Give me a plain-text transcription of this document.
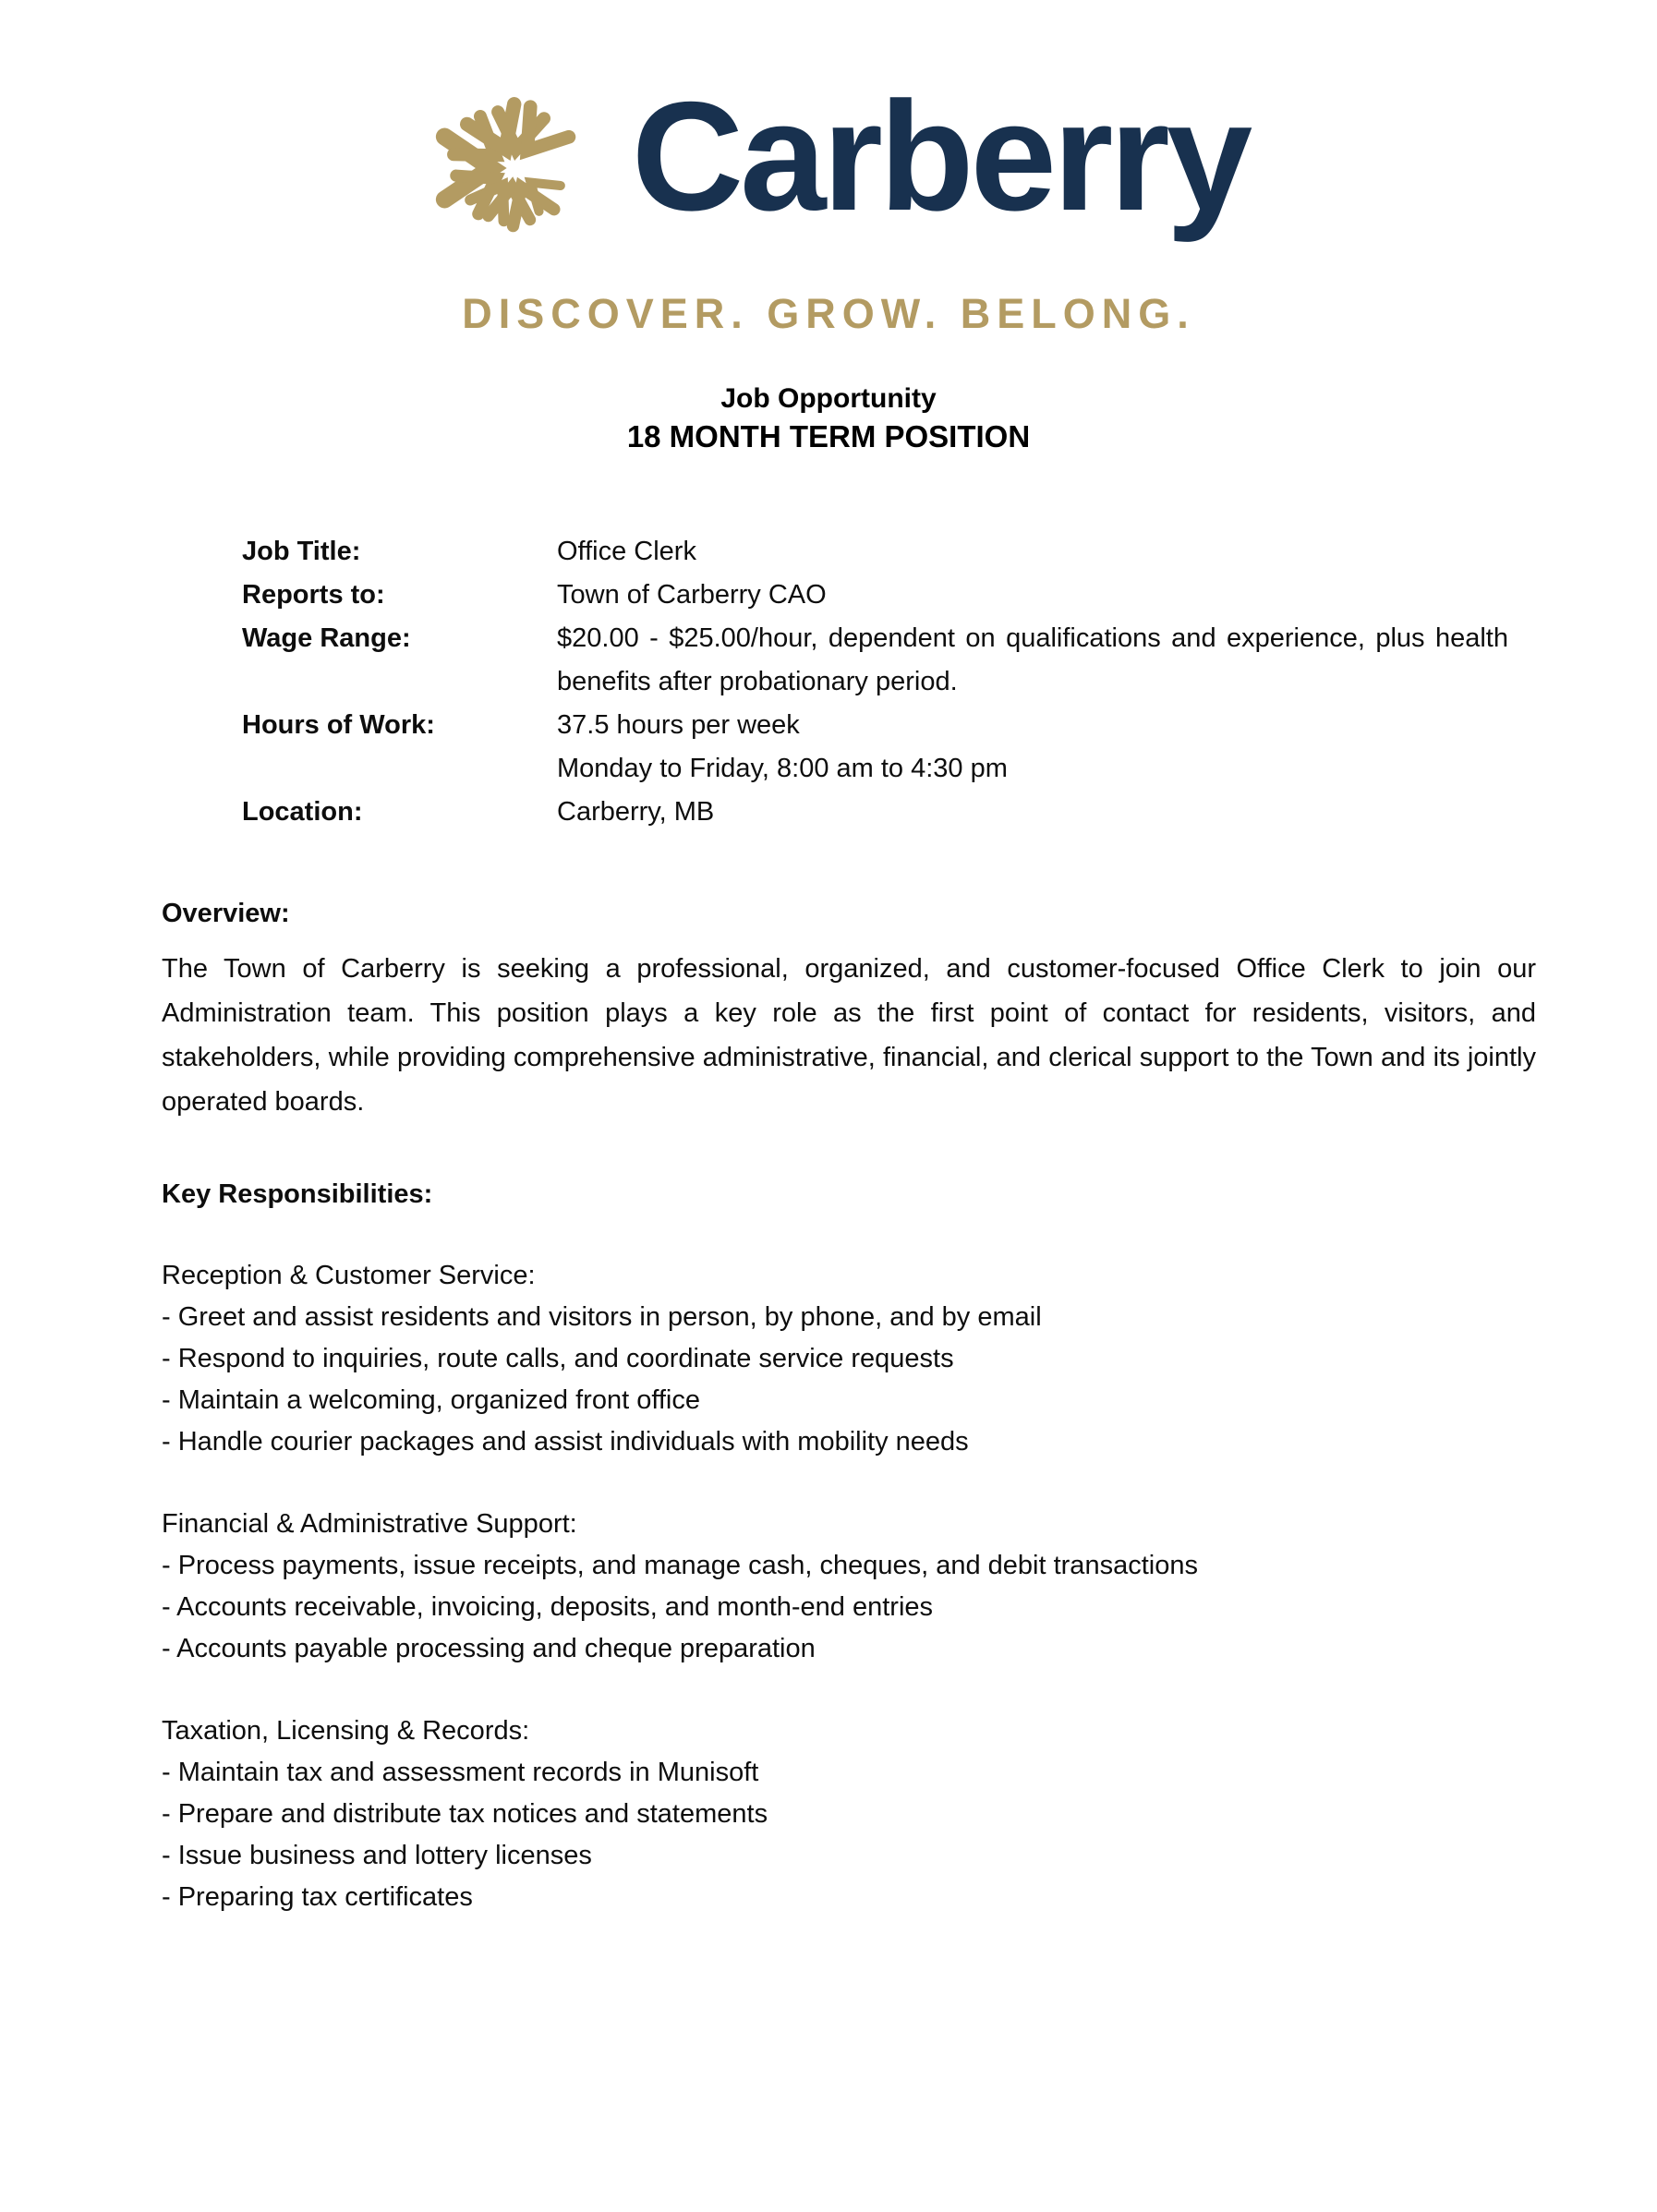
Carberry
DISCOVER. GROW. BELONG.
Job Opportunity
18 MONTH TERM POSITION
Job Title:	Office Clerk
Reports to:	Town of Carberry CAO
Wage Range:	$20.00 - $25.00/hour, dependent on qualifications and experience, plus health benefits after probationary period.
Hours of Work:	37.5 hours per week
Monday to Friday, 8:00 am to 4:30 pm
Location:	Carberry, MB
Overview:
The Town of Carberry is seeking a professional, organized, and customer-focused Office Clerk to join our Administration team. This position plays a key role as the first point of contact for residents, visitors, and stakeholders, while providing comprehensive administrative, financial, and clerical support to the Town and its jointly operated boards.
Key Responsibilities:
Reception & Customer Service:
- Greet and assist residents and visitors in person, by phone, and by email
- Respond to inquiries, route calls, and coordinate service requests
- Maintain a welcoming, organized front office
- Handle courier packages and assist individuals with mobility needs
Financial & Administrative Support:
- Process payments, issue receipts, and manage cash, cheques, and debit transactions
- Accounts receivable, invoicing, deposits, and month-end entries
- Accounts payable processing and cheque preparation
Taxation, Licensing & Records:
- Maintain tax and assessment records in Munisoft
- Prepare and distribute tax notices and statements
- Issue business and lottery licenses
- Preparing tax certificates
